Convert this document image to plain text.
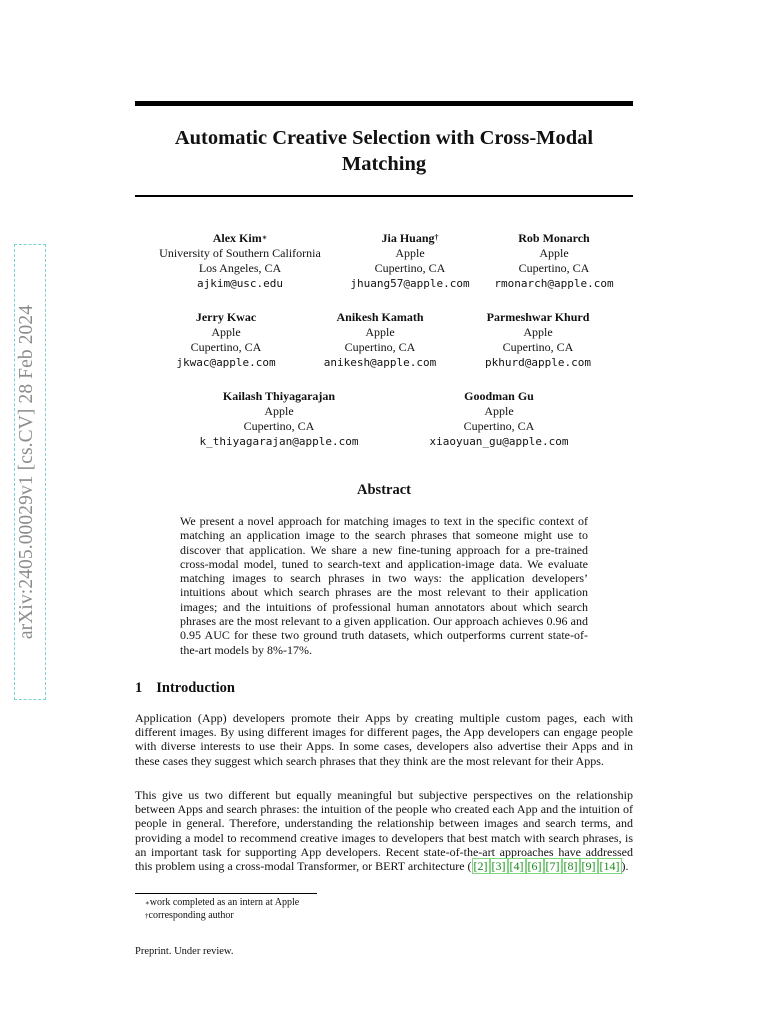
arXiv:2405.00029v1 [cs.CV] 28 Feb 2024
Automatic Creative Selection with Cross-Modal
Matching
Alex Kim∗
University of Southern California
Los Angeles, CA
ajkim@usc.edu
Jia Huang†
Apple
Cupertino, CA
jhuang57@apple.com
Rob Monarch
Apple
Cupertino, CA
rmonarch@apple.com
Jerry Kwac
Apple
Cupertino, CA
jkwac@apple.com
Anikesh Kamath
Apple
Cupertino, CA
anikesh@apple.com
Parmeshwar Khurd
Apple
Cupertino, CA
pkhurd@apple.com
Kailash Thiyagarajan
Apple
Cupertino, CA
k_thiyagarajan@apple.com
Goodman Gu
Apple
Cupertino, CA
xiaoyuan_gu@apple.com
Abstract
We present a novel approach for matching images to text in the specific context of matching an application image to the search phrases that someone might use to discover that application. We share a new fine-tuning approach for a pre-trained cross-modal model, tuned to search-text and application-image data. We evaluate matching images to search phrases in two ways: the application developers’ intuitions about which search phrases are the most relevant to their application images; and the intuitions of professional human annotators about which search phrases are the most relevant to a given application. Our approach achieves 0.96 and 0.95 AUC for these two ground truth datasets, which outperforms current state-of-the-art models by 8%-17%.
1 Introduction
Application (App) developers promote their Apps by creating multiple custom pages, each with different images. By using different images for different pages, the App developers can engage people with diverse interests to use their Apps. In some cases, developers also advertise their Apps and in these cases they suggest which search phrases that they think are the most relevant for their Apps.
This give us two different but equally meaningful but subjective perspectives on the relationship between Apps and search phrases: the intuition of the people who created each App and the intuition of people in general. Therefore, understanding the relationship between images and search terms, and providing a model to recommend creative images to developers that best match with search phrases, is an important task for supporting App developers. Recent state-of-the-art approaches have addressed this problem using a cross-modal Transformer, or BERT architecture ( [2] [3] [4] [6] [7] [8] [9] [14] ).
∗work completed as an intern at Apple
†corresponding author
Preprint. Under review.
